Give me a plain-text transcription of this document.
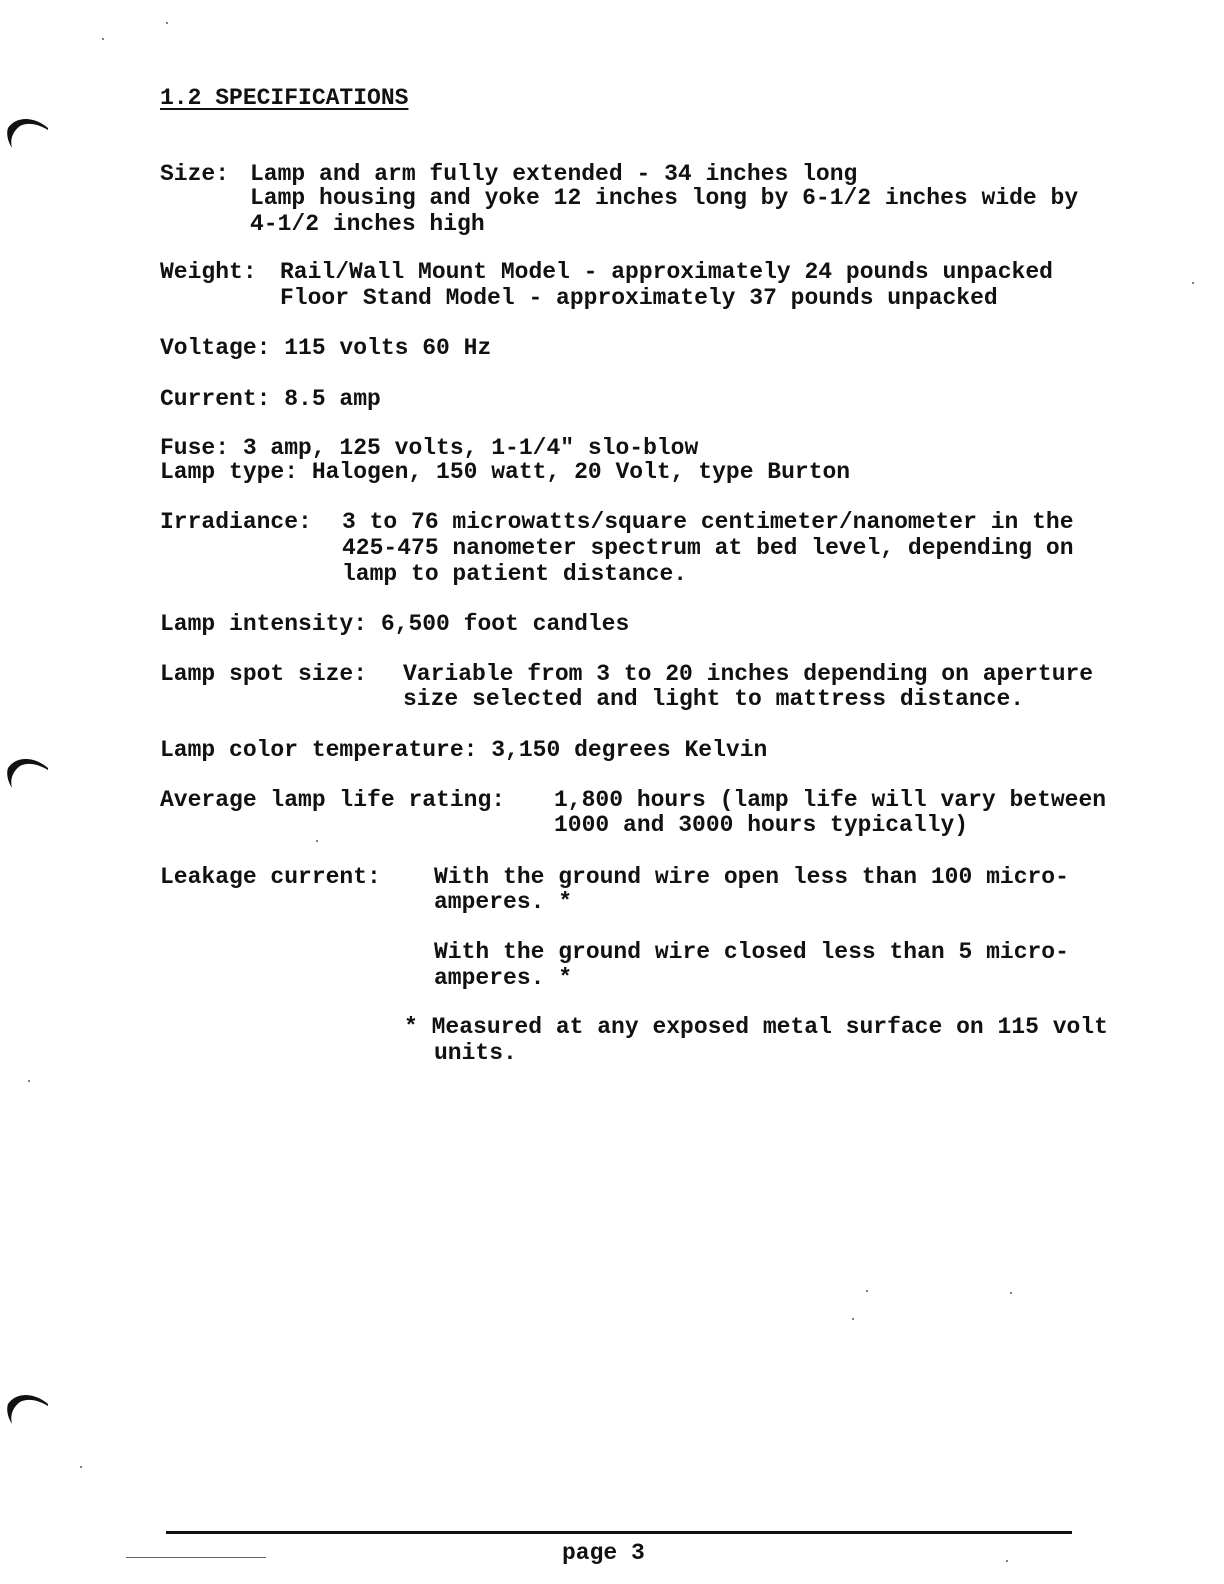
1.2 SPECIFICATIONS
Size: Lamp and arm fully extended - 34 inches long
Lamp housing and yoke 12 inches long by 6-1/2 inches wide by
4-1/2 inches high
Weight: Rail/Wall Mount Model - approximately 24 pounds unpacked
Floor Stand Model - approximately 37 pounds unpacked
Voltage: 115 volts 60 Hz
Current: 8.5 amp
Fuse: 3 amp, 125 volts, 1-1/4" slo-blow
Lamp type: Halogen, 150 watt, 20 Volt, type Burton
Irradiance: 3 to 76 microwatts/square centimeter/nanometer in the
425-475 nanometer spectrum at bed level, depending on
lamp to patient distance.
Lamp intensity: 6,500 foot candles
Lamp spot size: Variable from 3 to 20 inches depending on aperture
size selected and light to mattress distance.
Lamp color temperature: 3,150 degrees Kelvin
Average lamp life rating: 1,800 hours (lamp life will vary between
1000 and 3000 hours typically)
Leakage current: With the ground wire open less than 100 micro-
amperes. *
With the ground wire closed less than 5 micro-
amperes. *
* Measured at any exposed metal surface on 115 volt
units.
page 3
